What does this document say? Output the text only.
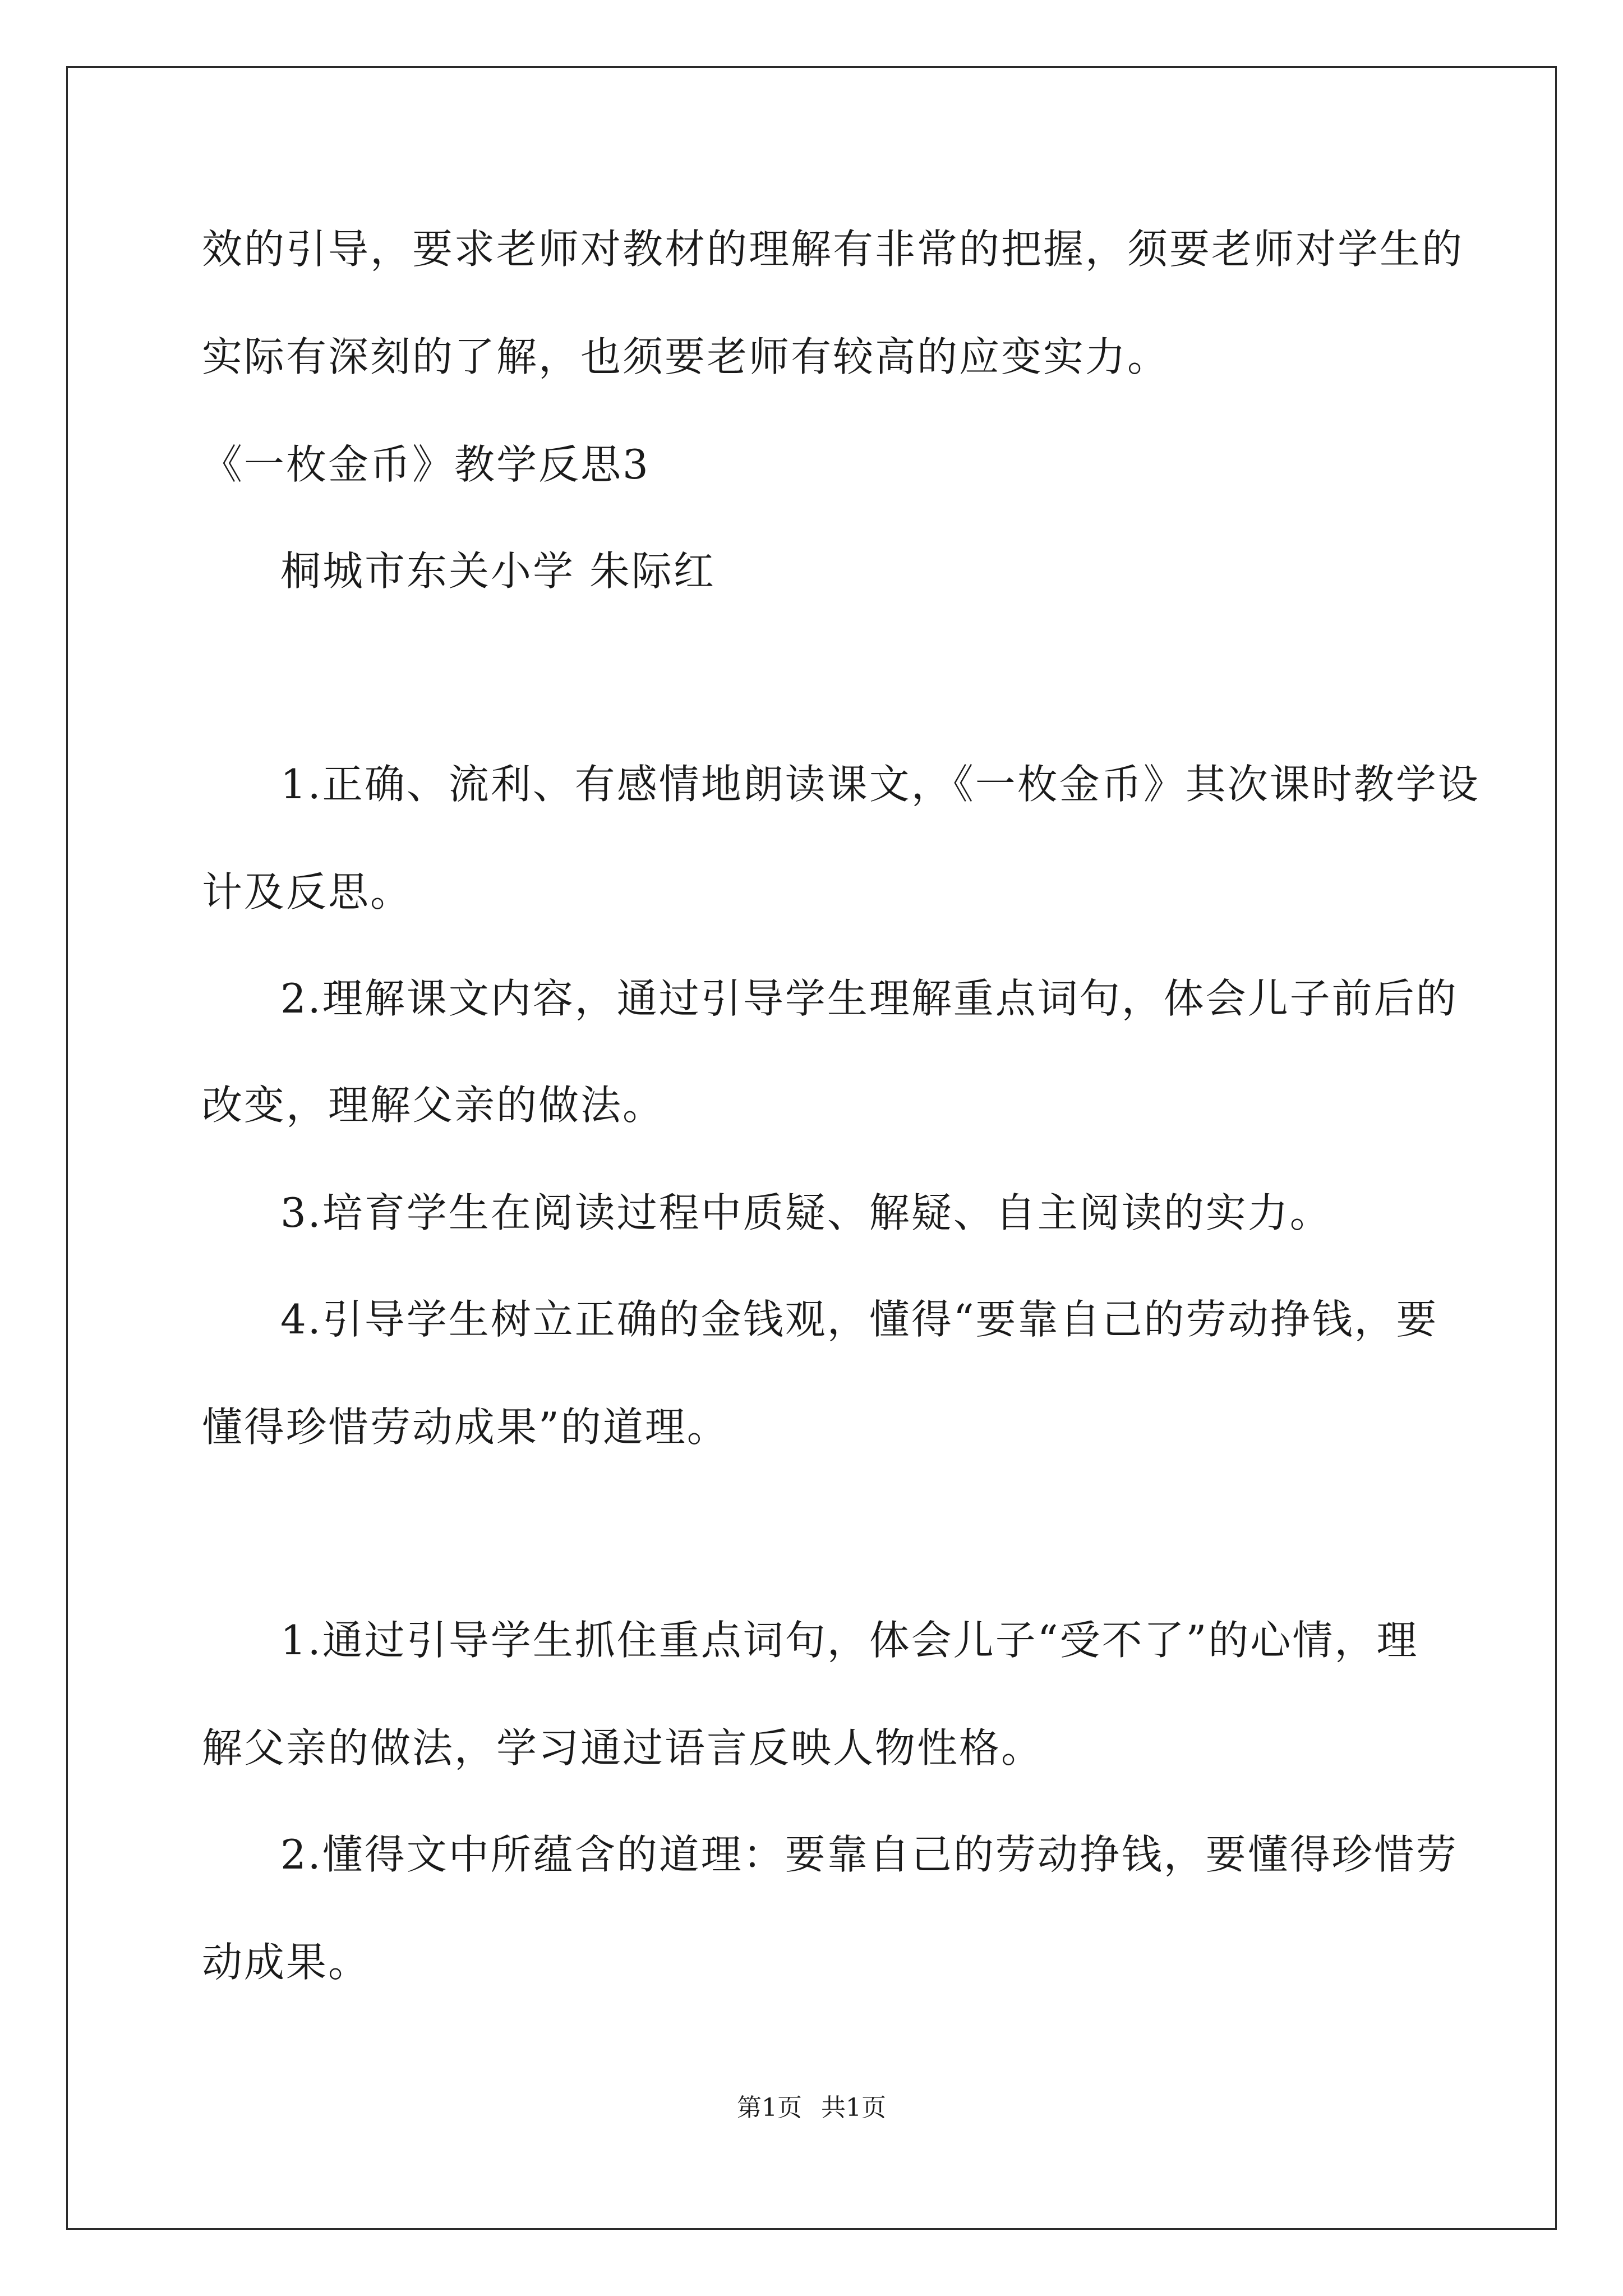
效的引导，要求老师对教材的理解有非常的把握，须要老师对学生的
实际有深刻的了解，也须要老师有较高的应变实力。
《一枚金币》教学反思3
桐城市东关小学 朱际红
1.正确、流利、有感情地朗读课文，《一枚金币》其次课时教学设
计及反思。
2.理解课文内容，通过引导学生理解重点词句，体会儿子前后的
改变，理解父亲的做法。
3.培育学生在阅读过程中质疑、解疑、自主阅读的实力。
4.引导学生树立正确的金钱观，懂得“要靠自己的劳动挣钱，要
懂得珍惜劳动成果”的道理。
1.通过引导学生抓住重点词句，体会儿子“受不了”的心情，理
解父亲的做法，学习通过语言反映人物性格。
2.懂得文中所蕴含的道理：要靠自己的劳动挣钱，要懂得珍惜劳
动成果。
第1页 共1页
